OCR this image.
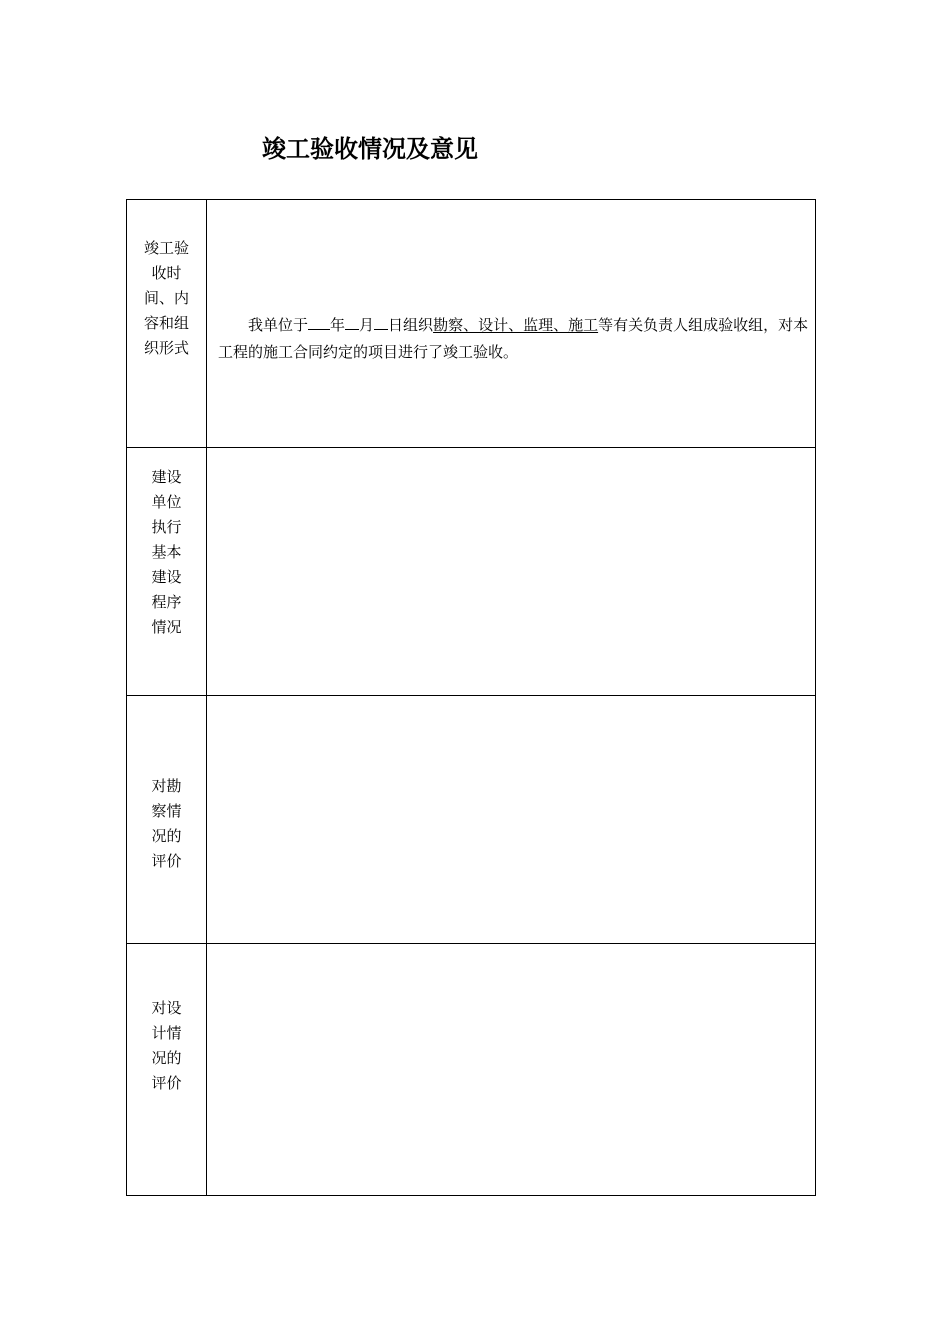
竣工验收情况及意见
竣工验收时间、内容和组织形式
我单位于 年 月 日组织勘察、设计、监理、施工等有关负责人组成验收组，对本工程的施工合同约定的项目进行了竣工验收。
建设单位执行基本建设程序情况
对勘察情况的评价
对设计情况的评价
